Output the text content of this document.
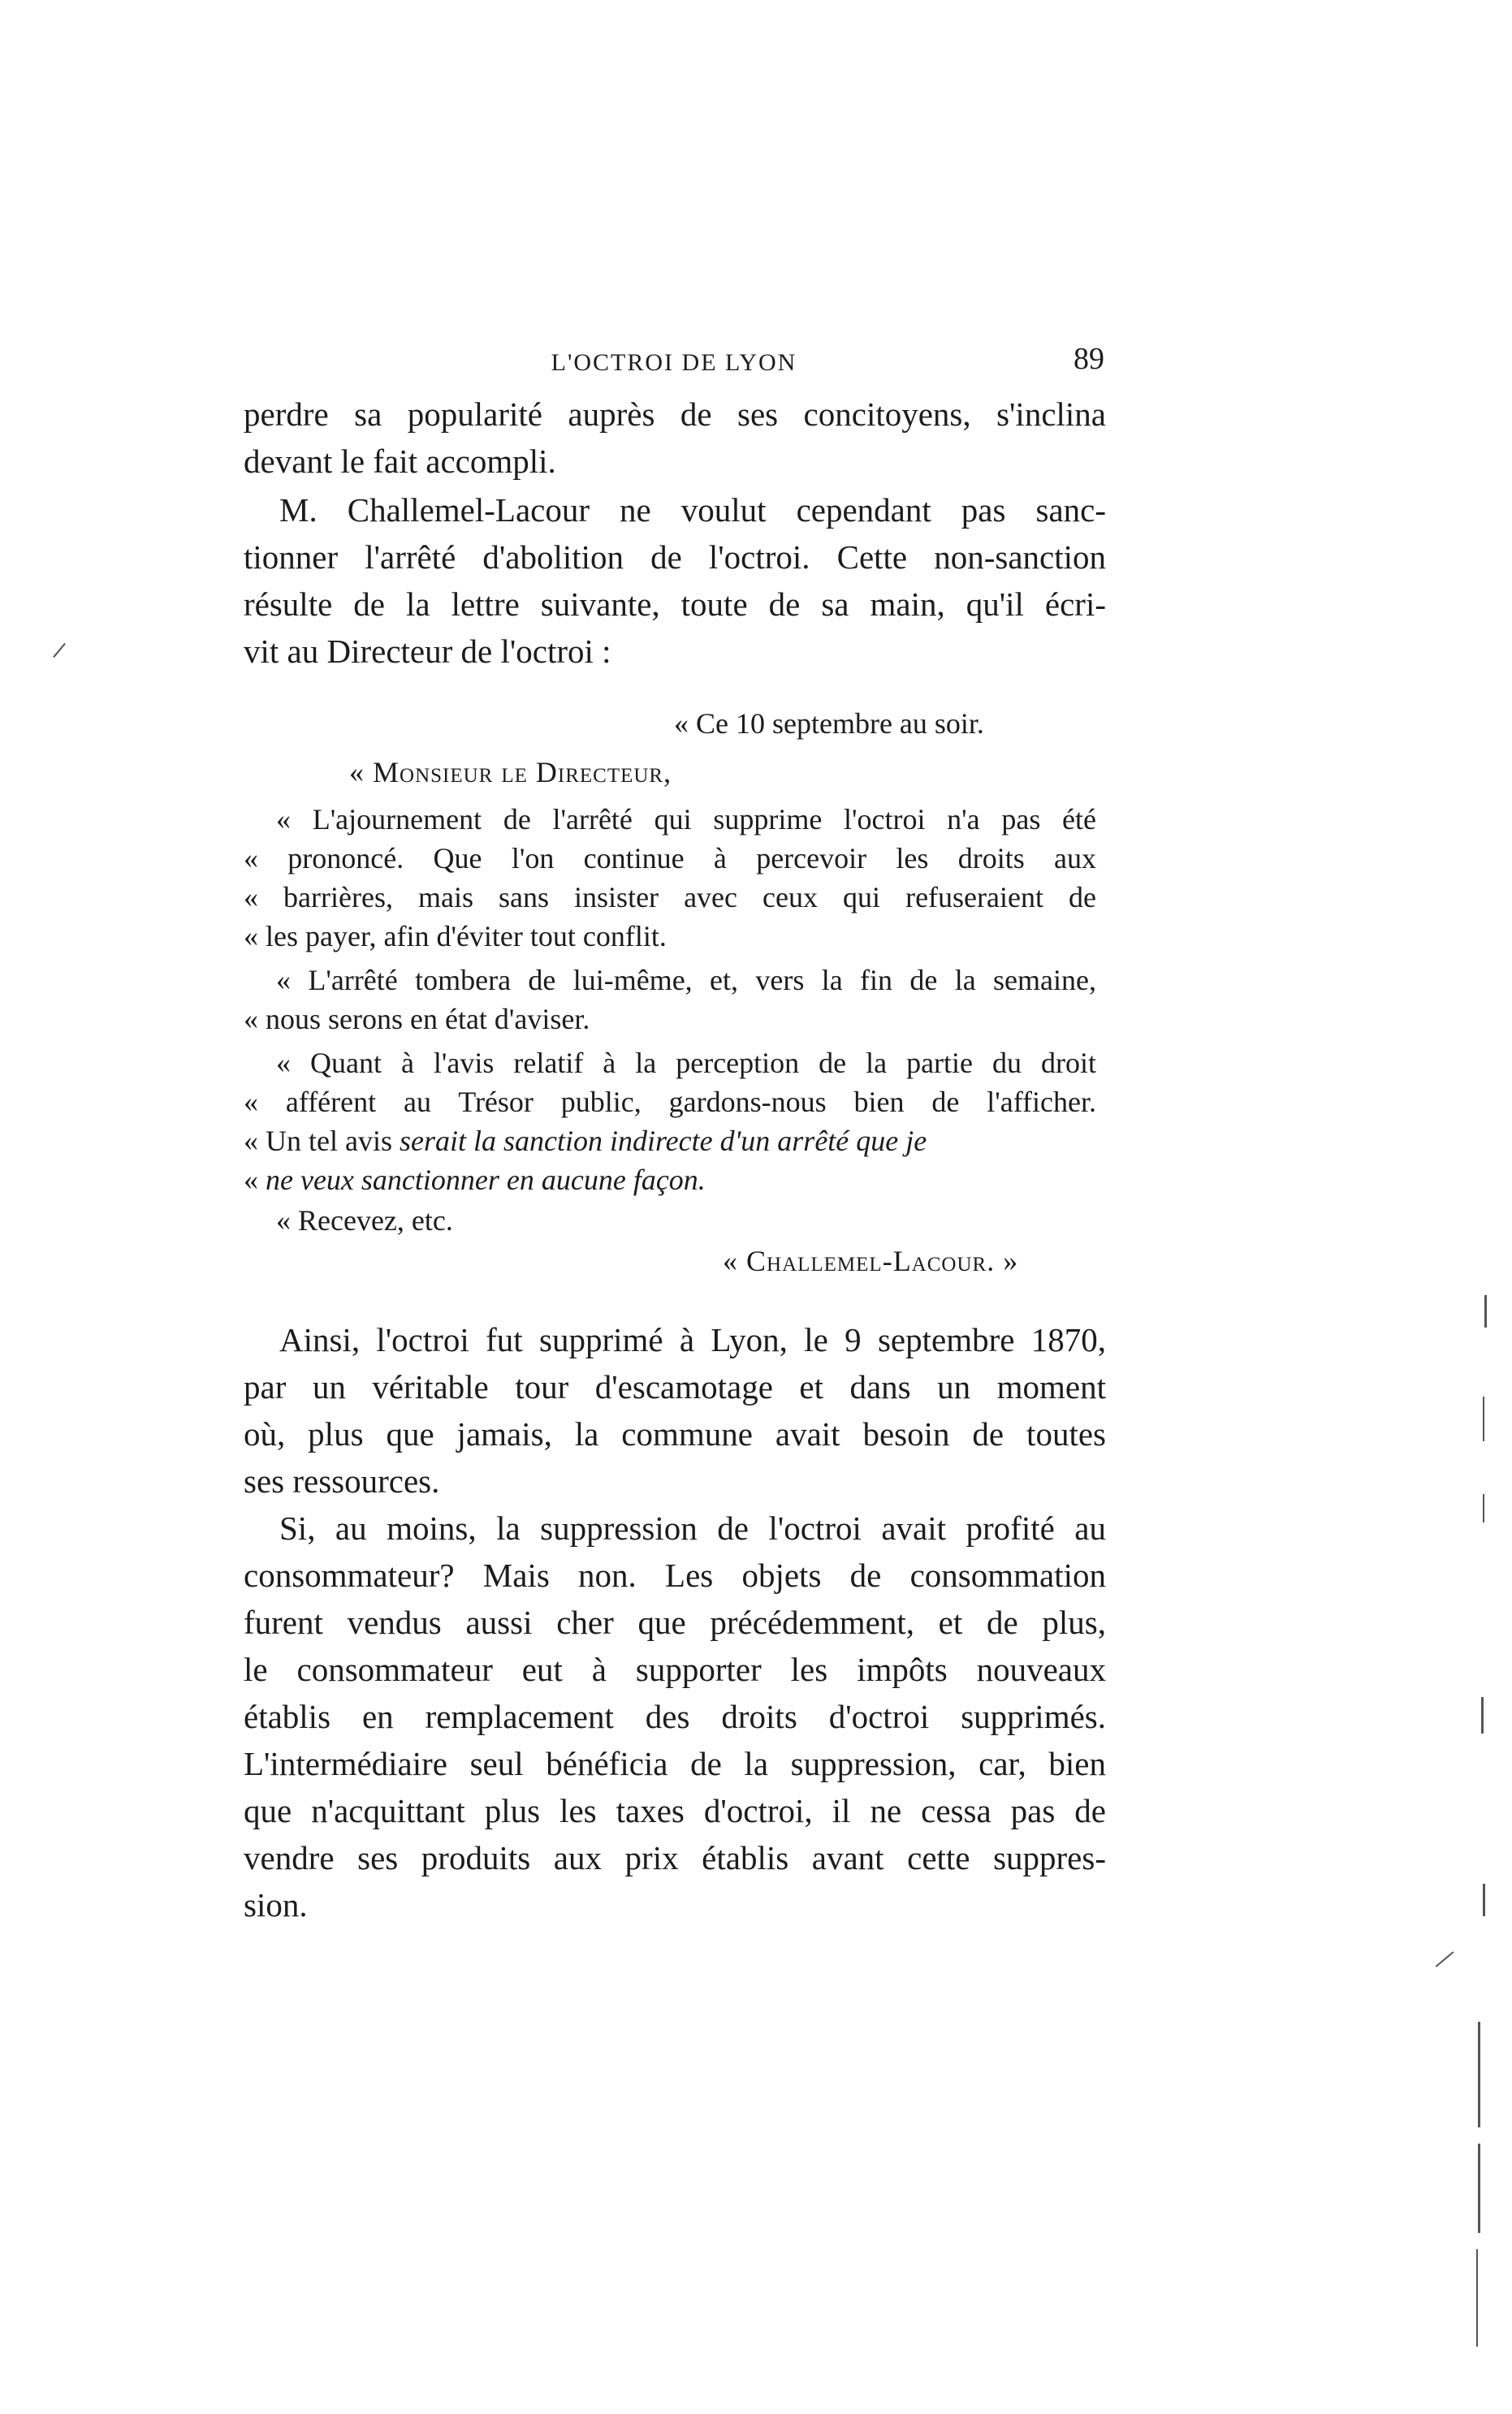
L'OCTROI DE LYON	89
perdre sa popularité auprès de ses concitoyens, s'inclina
devant le fait accompli.
M. Challemel-Lacour ne voulut cependant pas sanc-
tionner l'arrêté d'abolition de l'octroi. Cette non-sanction
résulte de la lettre suivante, toute de sa main, qu'il écri-
vit au Directeur de l'octroi :
« Ce 10 septembre au soir.
« Monsieur le Directeur,
« L'ajournement de l'arrêté qui supprime l'octroi n'a pas été
« prononcé. Que l'on continue à percevoir les droits aux
« barrières, mais sans insister avec ceux qui refuseraient de
« les payer, afin d'éviter tout conflit.
« L'arrêté tombera de lui-même, et, vers la fin de la semaine,
« nous serons en état d'aviser.
« Quant à l'avis relatif à la perception de la partie du droit
« afférent au Trésor public, gardons-nous bien de l'afficher.
« Un tel avis serait la sanction indirecte d'un arrêté que je
« ne veux sanctionner en aucune façon.
« Recevez, etc.
« Challemel-Lacour. »
Ainsi, l'octroi fut supprimé à Lyon, le 9 septembre 1870,
par un véritable tour d'escamotage et dans un moment
où, plus que jamais, la commune avait besoin de toutes
ses ressources.
Si, au moins, la suppression de l'octroi avait profité au
consommateur? Mais non. Les objets de consommation
furent vendus aussi cher que précédemment, et de plus,
le consommateur eut à supporter les impôts nouveaux
établis en remplacement des droits d'octroi supprimés.
L'intermédiaire seul bénéficia de la suppression, car, bien
que n'acquittant plus les taxes d'octroi, il ne cessa pas de
vendre ses produits aux prix établis avant cette suppres-
sion.
